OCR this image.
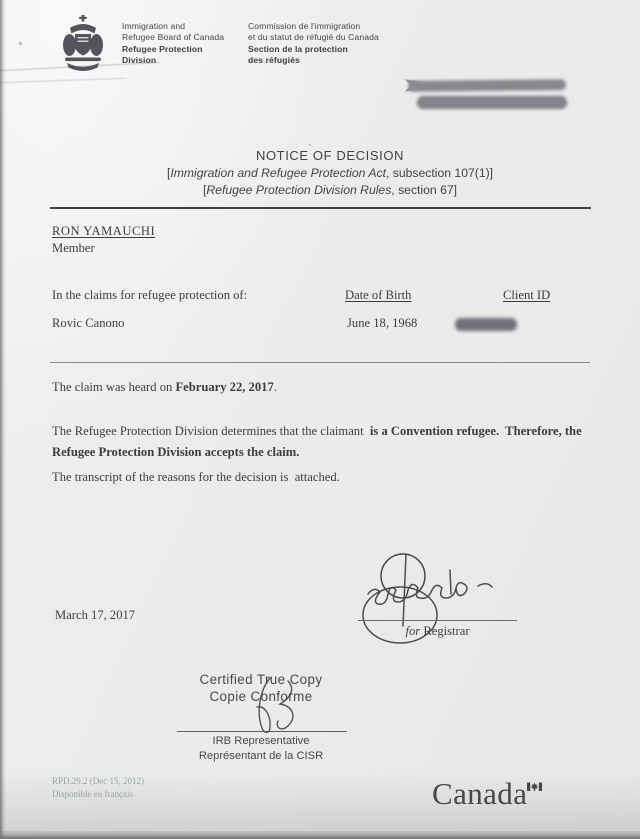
Immigration and
Refugee Board of Canada
Refugee Protection
Division
Commission de l'immigration
et du statut de réfugié du Canada
Section de la protection
des réfugiés
NOTICE OF DECISION
[Immigration and Refugee Protection Act, subsection 107(1)]
[Refugee Protection Division Rules, section 67]
RON YAMAUCHI
Member
In the claims for refugee protection of:	Date of Birth	Client ID
Rovic Canono	June 18, 1968
The claim was heard on February 22, 2017.
The Refugee Protection Division determines that the claimant  is a Convention refugee.  Therefore, the Refugee Protection Division accepts the claim.
The transcript of the reasons for the decision is  attached.
March 17, 2017
for Registrar
Certified True Copy
Copie Conforme
IRB Representative
Représentant de la CISR
RPD.29.2 (Dec 15, 2012)
Disponible en français	Canada
